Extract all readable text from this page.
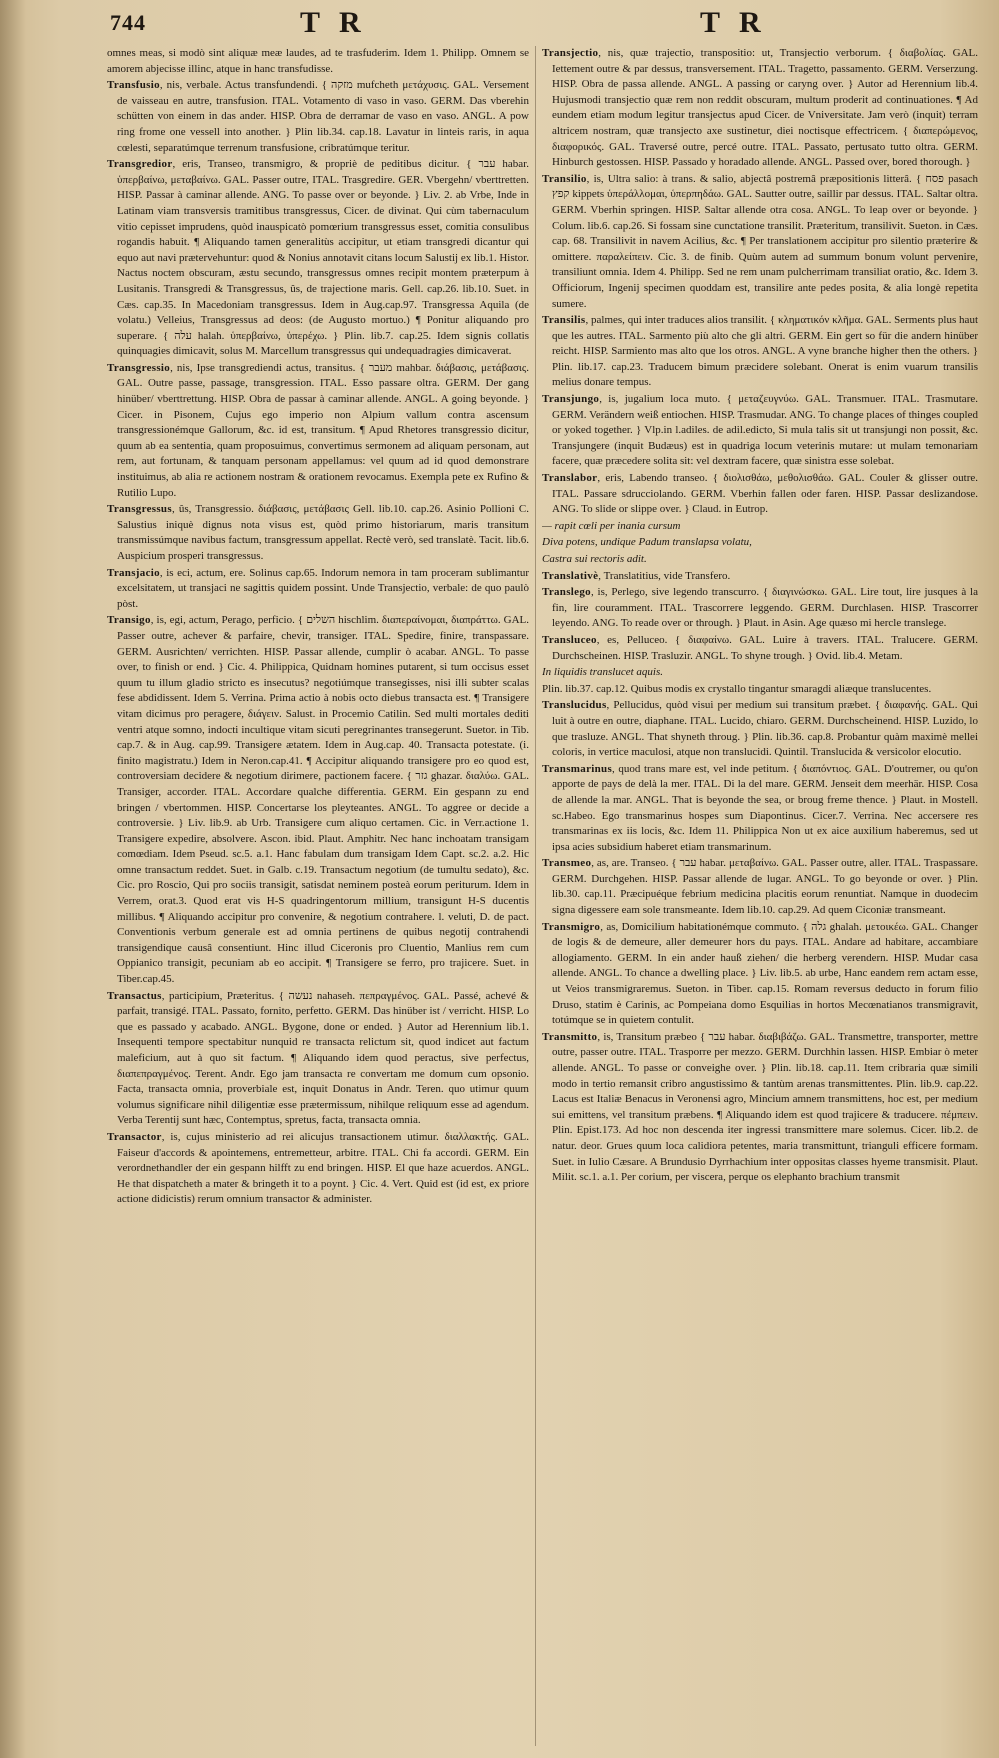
744	T R	T R

omnes meas, si modò sint aliquæ meæ laudes, ad te trasfuderim. Idem 1. Philipp. Omnem se amorem abjecisse illinc, atque in hanc transfudisse.

Transfusio, nis, verbale. Actus transfundendi. { מזקה mufcheth μετάχυσις. GAL. Versement de vaisseau en autre, transfusion. ITAL. Votamento di vaso in vaso. GERM. Das vberehin schütten von einem in das ander. HISP. Obra de derramar de vaso en vaso. ANGL. A pow ring frome one vessell into another. } Plin lib.34. cap.18. Lavatur in linteis raris, in aqua cœlesti, separatúmque terrenum transfusione, cribratúmque teritur.

Transgredior, eris, Transeo, transmigro, & propriè de peditibus dicitur. { עבר habar. ὑπερβαίνω, μεταβαίνω. GAL. Passer outre, ITAL. Trasgredire. GER. Vbergehn/ vberttretten. HISP. Passar à caminar allende. ANG. To passe over or beyonde. } Liv. 2. ab Vrbe, Inde in Latinam viam transversis tramitibus transgressus, Cicer. de divinat. Qui cùm tabernaculum vitio cepisset imprudens, quòd inauspicatò pomœrium transgressus esset, comitia consulibus rogandis habuit. ¶ Aliquando tamen generalitùs accipitur, ut etiam transgredi dicantur qui equo aut navi prætervehuntur: quod & Nonius annotavit citans locum Salustij ex lib.1. Histor. Nactus noctem obscuram, æstu secundo, transgressus omnes recipit montem præterpum à Lusitanis. Transgredi & Transgressus, ûs, de trajectione maris. Gell. cap.26. lib.10. Suet. in Cæs. cap.35. In Macedoniam transgressus. Idem in Aug.cap.97. Transgressa Aquila (de volatu.) Velleius, Transgressus ad deos: (de Augusto mortuo.) ¶ Ponitur aliquando pro superare. { עלה halah. ὑπερβαίνω, ὑπερέχω. } Plin. lib.7. cap.25. Idem signis collatis quinquagies dimicavit, solus M. Marcellum transgressus qui undequadragies dimicaverat.

Transgressio, nis, Ipse transgrediendi actus, transitus. { מעבר mahbar. διάβασις, μετάβασις. GAL. Outre passe, passage, transgression. ITAL. Esso passare oltra. GERM. Der gang hinüber/ vberttrettung. HISP. Obra de passar à caminar allende. ANGL. A going beyonde. } Cicer. in Pisonem, Cujus ego imperio non Alpium vallum contra ascensum transgressionémque Gallorum, &c. id est, transitum. ¶ Apud Rhetores transgressio dicitur, quum ab ea sententia, quam proposuimus, convertimus sermonem ad aliquam personam, aut rem, aut fortunam, & tanquam personam appellamus: vel quum ad id quod demonstrare instituimus, ab alia re actionem nostram & orationem revocamus. Exempla pete ex Rufino & Rutilio Lupo.

Transgressus, ûs, Transgressio. διάβασις, μετάβασις Gell. lib.10. cap.26. Asinio Pollioni C. Salustius iniquè dignus nota visus est, quòd primo historiarum, maris transitum transmissúmque navibus factum, transgressum appellat. Rectè verò, sed translatè. Tacit. lib.6. Auspicium prosperi transgressus.

Transjacio, is eci, actum, ere. Solinus cap.65. Indorum nemora in tam proceram sublimantur excelsitatem, ut transjaci ne sagittis quidem possint. Unde Transjectio, verbale: de quo paulò pòst.

Transigo, is, egi, actum, Perago, perficio. { השלים hischlim. διαπεραίνομαι, διαπράττω. GAL. Passer outre, achever & parfaire, chevir, transiger. ITAL. Spedire, finire, transpassare. GERM. Ausrichten/ verrichten. HISP. Passar allende, cumplir ò acabar. ANGL. To passe over, to finish or end. } Cic. 4. Philippica, Quidnam homines putarent, si tum occisus esset quum tu illum gladio stricto es insecutus? negotiúmque transegisses, nisi illi subter scalas fese abdidissent. Idem 5. Verrina. Prima actio à nobis octo diebus transacta est. ¶ Transigere vitam dicimus pro peragere, διάγειν. Salust. in Procemio Catilin. Sed multi mortales dediti ventri atque somno, indocti incultique vitam sicuti peregrinantes transegerunt. Suetor. in Tib. cap.7. & in Aug. cap.99. Transigere ætatem. Idem in Aug.cap. 40. Transacta potestate. (i. finito magistratu.) Idem in Neron.cap.41. ¶ Accipitur aliquando transigere pro eo quod est, controversiam decidere & negotium dirimere, pactionem facere. { גזר ghazar. διαλύω. GAL. Transiger, accorder. ITAL. Accordare qualche differentia. GERM. Ein gespann zu end bringen / vbertommen. HISP. Concertarse los pleyteantes. ANGL. To aggree or decide a controversie. } Liv. lib.9. ab Urb. Transigere cum aliquo certamen. Cic. in Verr.actione 1. Transigere expedire, absolvere. Ascon. ibid. Plaut. Amphitr. Nec hanc inchoatam transigam comœdiam. Idem Pseud. sc.5. a.1. Hanc fabulam dum transigam Idem Capt. sc.2. a.2. Hic omne transactum reddet. Suet. in Galb. c.19. Transactum negotium (de tumultu sedato), &c. Cic. pro Roscio, Qui pro sociis transigit, satisdat neminem posteà eorum periturum. Idem in Verrem, orat.3. Quod erat vis H-S quadringentorum millium, transigunt H-S ducentis millibus. ¶ Aliquando accipitur pro convenire, & negotium contrahere. l. veluti, D. de pact. Conventionis verbum generale est ad omnia pertinens de quibus negotij contrahendi transigendique causâ consentiunt. Hinc illud Ciceronis pro Cluentio, Manlius rem cum Oppianico transigit, pecuniam ab eo accipit. ¶ Transigere se ferro, pro trajicere. Suet. in Tiber.cap.45.

Transactus, participium, Præteritus. { נעשה nahaseh. πεπραγμένος. GAL. Passé, achevé & parfait, transigé. ITAL. Passato, fornito, perfetto. GERM. Das hinüber ist / verricht. HISP. Lo que es passado y acabado. ANGL. Bygone, done or ended. } Autor ad Herennium lib.1. Insequenti tempore spectabitur nunquid re transacta relictum sit, quod indicet aut factum maleficium, aut à quo sit factum. ¶ Aliquando idem quod peractus, sive perfectus, διαπεπραγμένος. Terent. Andr. Ego jam transacta re convertam me domum cum opsonio. Facta, transacta omnia, proverbiale est, inquit Donatus in Andr. Teren. quo utimur quum volumus significare nihil diligentiæ esse prætermissum, nihilque reliquum esse ad agendum. Verba Terentij sunt hæc, Contemptus, spretus, facta, transacta omnia.

Transactor, is, cujus ministerio ad rei alicujus transactionem utimur. διαλλακτής. GAL. Faiseur d'accords & apointemens, entremetteur, arbitre. ITAL. Chi fa accordi. GERM. Ein verordnethandler der ein gespann hilfft zu end bringen. HISP. El que haze acuerdos. ANGL. He that dispatcheth a mater & bringeth it to a poynt. } Cic. 4. Vert. Quid est (id est, ex priore actione didicistis) rerum omnium transactor & administer.

Transjectio, nis, quæ trajectio, transpositio: ut, Transjectio verborum. { διαβολίας. GAL. Iettement outre & par dessus, transversement. ITAL. Tragetto, passamento. GERM. Verserzung. HISP. Obra de passa allende. ANGL. A passing or caryng over. } Autor ad Herennium lib.4. Hujusmodi transjectio quæ rem non reddit obscuram, multum proderit ad continuationes. ¶ Ad eundem etiam modum legitur transjectus apud Cicer. de Vniversitate. Jam verò (inquit) terram altricem nostram, quæ transjecto axe sustinetur, diei noctisque effectricem. { διαπερώμενος, διαφορικός. GAL. Traversé outre, percé outre. ITAL. Passato, pertusato tutto oltra. GERM. Hinburch gestossen. HISP. Passado y horadado allende. ANGL. Passed over, bored thorough. }

Transilio, is, Ultra salio: à trans. & salio, abjectâ postremâ præpositionis litterâ. { פסח pasach קפץ kippets ὑπεράλλομαι, ὑπερπηδάω. GAL. Sautter outre, saillir par dessus. ITAL. Saltar oltra. GERM. Vberhin springen. HISP. Saltar allende otra cosa. ANGL. To leap over or beyonde. } Colum. lib.6. cap.26. Si fossam sine cunctatione transilit. Præteritum, transilivit. Sueton. in Cæs. cap. 68. Transilivit in navem Acilius, &c. ¶ Per translationem accipitur pro silentio præterire & omittere. παραλείπειν. Cic. 3. de finib. Quùm autem ad summum bonum volunt pervenire, transiliunt omnia. Idem 4. Philipp. Sed ne rem unam pulcherrimam transiliat oratio, &c. Idem 3. Officiorum, Ingenij specimen quoddam est, transilire ante pedes posita, & alia longè repetita sumere.

Transilis, palmes, qui inter traduces alios transilit. { κληματικόν κλῆμα. GAL. Serments plus haut que les autres. ITAL. Sarmento più alto che gli altri. GERM. Ein gert so für die andern hinüber reicht. HISP. Sarmiento mas alto que los otros. ANGL. A vyne branche higher then the others. } Plin. lib.17. cap.23. Traducem bimum præcidere solebant. Onerat is enim vuarum transilis melius donare tempus.

Transjungo, is, jugalium loca muto. { μεταζευγνύω. GAL. Transmuer. ITAL. Trasmutare. GERM. Verändern weiß entiochen. HISP. Trasmudar. ANG. To change places of thinges coupled or yoked together. } Vlp.in l.adiles. de adil.edicto, Si mula talis sit ut transjungi non possit, &c. Transjungere (inquit Budæus) est in quadriga locum veterinis mutare: ut mulam temonariam facere, quæ præcedere solita sit: vel dextram facere, quæ sinistra esse solebat.

Translabor, eris, Labendo transeo. { διολισθάω, μεθολισθάω. GAL. Couler & glisser outre. ITAL. Passare sdrucciolando. GERM. Vberhin fallen oder faren. HISP. Passar deslizandose. ANG. To slide or slippe over. } Claud. in Eutrop.

— rapit cœli per inania cursum

Diva potens, undique Padum translapsa volatu,

Castra sui rectoris adit.

Translativè, Translatitius, vide Transfero.

Translego, is, Perlego, sive legendo transcurro. { διαγινώσκω. GAL. Lire tout, lire jusques à la fin, lire couramment. ITAL. Trascorrere leggendo. GERM. Durchlasen. HISP. Trascorrer leyendo. ANG. To reade over or through. } Plaut. in Asin. Age quæso mi hercle translege.

Transluceo, es, Pelluceo. { διαφαίνω. GAL. Luire à travers. ITAL. Tralucere. GERM. Durchscheinen. HISP. Trasluzir. ANGL. To shyne trough. } Ovid. lib.4. Metam.

In liquidis translucet aquis.

Plin. lib.37. cap.12. Quibus modis ex crystallo tingantur smaragdi aliæque translucentes.

Translucidus, Pellucidus, quòd visui per medium sui transitum præbet. { διαφανής. GAL. Qui luit à outre en outre, diaphane. ITAL. Lucido, chiaro. GERM. Durchscheinend. HISP. Luzido, lo que trasluze. ANGL. That shyneth throug. } Plin. lib.36. cap.8. Probantur quàm maximè mellei coloris, in vertice maculosi, atque non translucidi. Quintil. Translucida & versicolor elocutio.

Transmarinus, quod trans mare est, vel inde petitum. { διαπόντιος. GAL. D'outremer, ou qu'on apporte de pays de delà la mer. ITAL. Di la del mare. GERM. Jenseit dem meerhär. HISP. Cosa de allende la mar. ANGL. That is beyonde the sea, or broug freme thence. } Plaut. in Mostell. sc.Habeo. Ego transmarinus hospes sum Diapontinus. Cicer.7. Verrina. Nec accersere res transmarinas ex iis locis, &c. Idem 11. Philippica Non ut ex aice auxilium haberemus, sed ut ipsa acies subsidium haberet etiam transmarinum.

Transmeo, as, are. Transeo. { עבר habar. μεταβαίνω. GAL. Passer outre, aller. ITAL. Traspassare. GERM. Durchgehen. HISP. Passar allende de lugar. ANGL. To go beyonde or over. } Plin. lib.30. cap.11. Præcipuéque febrium medicina placitis eorum renuntiat. Namque in duodecim signa digessere eam sole transmeante. Idem lib.10. cap.29. Ad quem Ciconiæ transmeant.

Transmigro, as, Domicilium habitationémque commuto. { גלה ghalah. μετοικέω. GAL. Changer de logis & de demeure, aller demeurer hors du pays. ITAL. Andare ad habitare, accambiare allogiamento. GERM. In ein ander hauß ziehen/ die herberg verendern. HISP. Mudar casa allende. ANGL. To chance a dwelling place. } Liv. lib.5. ab urbe, Hanc eandem rem actam esse, ut Veios transmigraremus. Sueton. in Tiber. cap.15. Romam reversus deducto in forum filio Druso, statim è Carinis, ac Pompeiana domo Esquilias in hortos Mecœnatianos transmigravit, totúmque se in quietem contulit.

Transmitto, is, Transitum præbeo { עבר habar. διαβιβάζω. GAL. Transmettre, transporter, mettre outre, passer outre. ITAL. Trasporre per mezzo. GERM. Durchhin lassen. HISP. Embiar ò meter allende. ANGL. To passe or conveighe over. } Plin. lib.18. cap.11. Item cribraria quæ simili modo in tertio remansit cribro angustissimo & tantùm arenas transmittentes. Plin. lib.9. cap.22. Lacus est Italiæ Benacus in Veronensi agro, Mincium amnem transmittens, hoc est, per medium sui emittens, vel transitum præbens. ¶ Aliquando idem est quod trajicere & traducere. πέμπειν. Plin. Epist.173. Ad hoc non descenda iter ingressi transmittere mare solemus. Cicer. lib.2. de natur. deor. Grues quum loca calidiora petentes, maria transmittunt, trianguli efficere formam. Suet. in Iulio Cæsare. A Brundusio Dyrrhachium inter oppositas classes hyeme transmisit. Plaut. Milit. sc.1. a.1. Per corium, per viscera, perque os elephanto brachium transmit
